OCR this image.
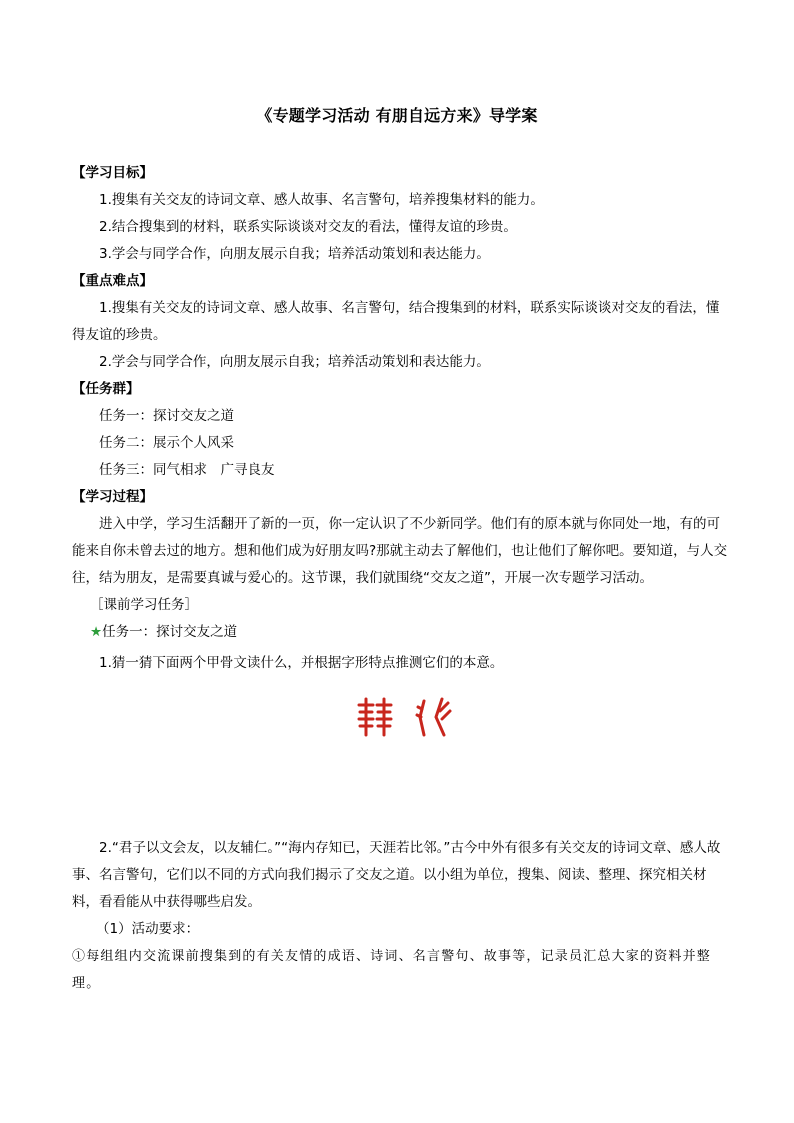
《专题学习活动 有朋自远方来》导学案

【学习目标】

1.搜集有关交友的诗词文章、感人故事、名言警句，培养搜集材料的能力。

2.结合搜集到的材料，联系实际谈谈对交友的看法，懂得友谊的珍贵。

3.学会与同学合作，向朋友展示自我；培养活动策划和表达能力。

【重点难点】

1.搜集有关交友的诗词文章、感人故事、名言警句，结合搜集到的材料，联系实际谈谈对交友的看法，懂得友谊的珍贵。

2.学会与同学合作，向朋友展示自我；培养活动策划和表达能力。

【任务群】

任务一：探讨交友之道

任务二：展示个人风采

任务三：同气相求　广寻良友

【学习过程】

进入中学，学习生活翻开了新的一页，你一定认识了不少新同学。他们有的原本就与你同处一地，有的可能来自你未曾去过的地方。想和他们成为好朋友吗?那就主动去了解他们，也让他们了解你吧。要知道，与人交往，结为朋友，是需要真诚与爱心的。这节课，我们就围绕“交友之道”，开展一次专题学习活动。

［课前学习任务］

★任务一：探讨交友之道

1.猜一猜下面两个甲骨文读什么，并根据字形特点推测它们的本意。

2.“君子以文会友，以友辅仁。”“海内存知已，天涯若比邻。”古今中外有很多有关交友的诗词文章、感人故事、名言警句，它们以不同的方式向我们揭示了交友之道。以小组为单位，搜集、阅读、整理、探究相关材料，看看能从中获得哪些启发。

（1）活动要求：

①每组组内交流课前搜集到的有关友情的成语、诗词、名言警句、故事等，记录员汇总大家的资料并整理。
